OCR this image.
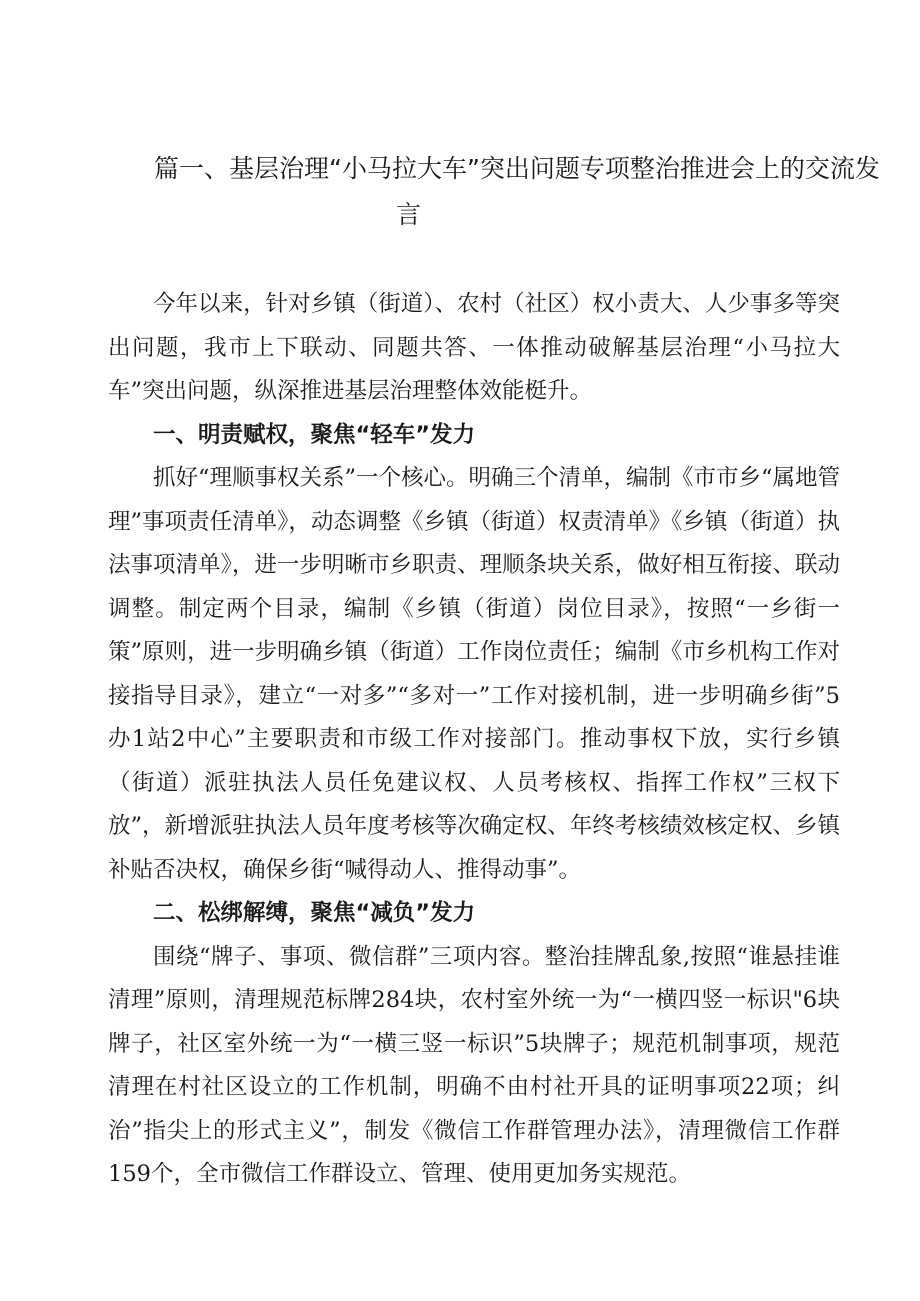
篇一、基层治理“小马拉大车”突出问题专项整治推进会上的交流发
言

今年以来，针对乡镇（街道）、农村（社区）权小责大、人少事多等突出问题，我市上下联动、同题共答、一体推动破解基层治理“小马拉大车”突出问题，纵深推进基层治理整体效能梃升。

一、明责赋权，聚焦“轻车”发力

抓好“理顺事权关系”一个核心。明确三个清单，编制《市市乡“属地管理”事项责任清单》，动态调整《乡镇（街道）权责清单》《乡镇（街道）执法事项清单》，进一步明晰市乡职责、理顺条块关系，做好相互衔接、联动调整。制定两个目录，编制《乡镇（街道）岗位目录》，按照“一乡街一策”原则，进一步明确乡镇（街道）工作岗位责任；编制《市乡机构工作对接指导目录》，建立“一对多”“多对一”工作对接机制，进一步明确乡街”5办1站2中心”主要职责和市级工作对接部门。推动事权下放，实行乡镇（街道）派驻执法人员任免建议权、人员考核权、指挥工作权”三权下放”，新增派驻执法人员年度考核等次确定权、年终考核绩效核定权、乡镇补贴否决权，确保乡街“喊得动人、推得动事”。

二、松绑解缚，聚焦“减负”发力

围绕“牌子、事项、微信群”三项内容。整治挂牌乱象,按照“谁悬挂谁清理”原则，清理规范标牌284块，农村室外统一为“一横四竖一标识"6块牌子，社区室外统一为“一横三竖一标识”5块牌子；规范机制事项，规范清理在村社区设立的工作机制，明确不由村社开具的证明事项22项；纠治”指尖上的形式主义”，制发《微信工作群管理办法》，清理微信工作群159个，全市微信工作群设立、管理、使用更加务实规范。
